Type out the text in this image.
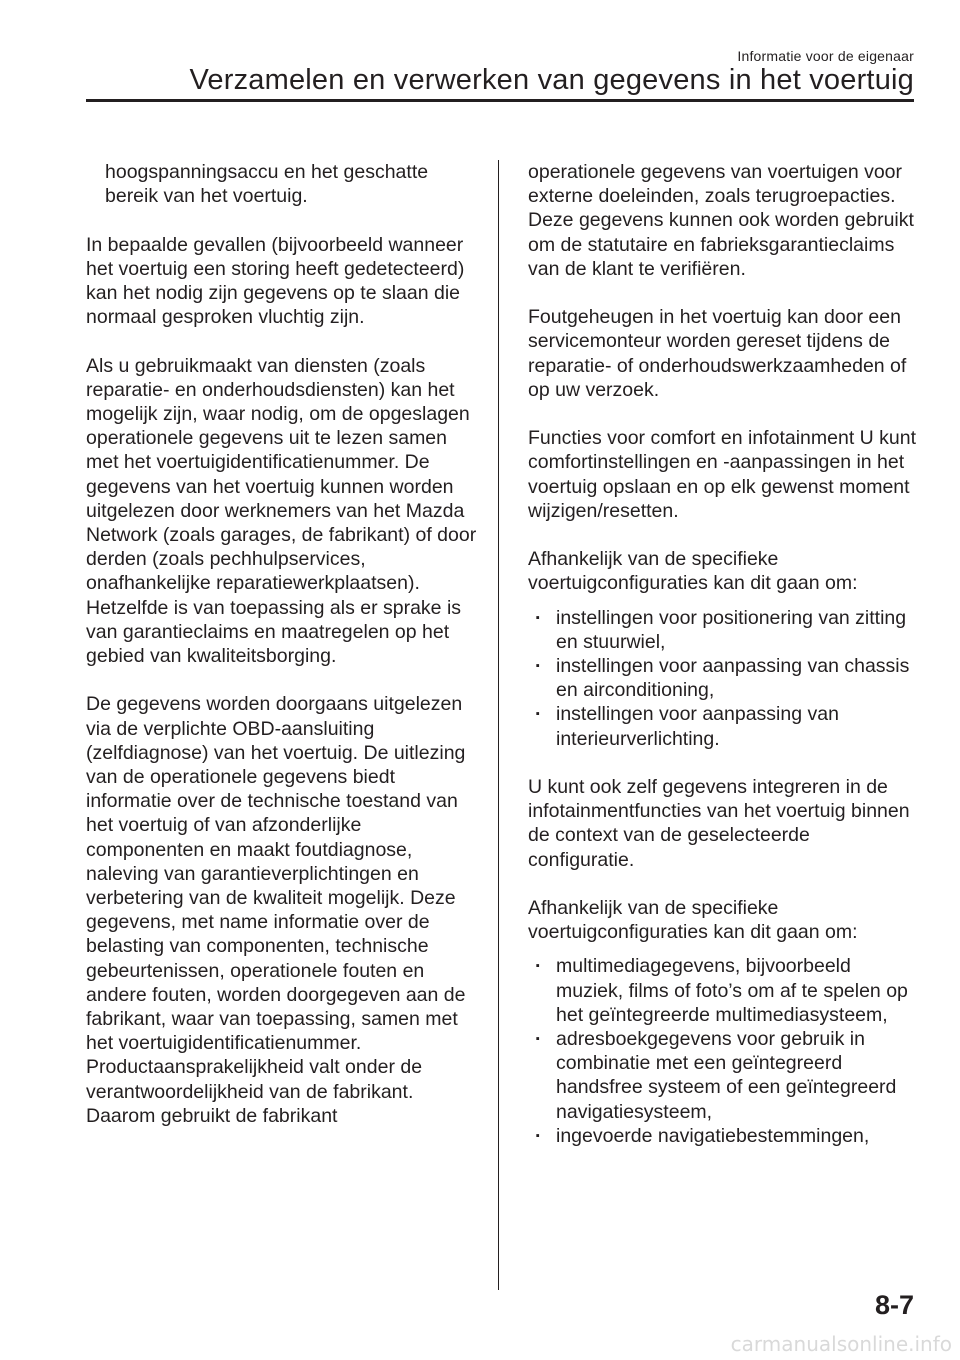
Informatie voor de eigenaar
Verzamelen en verwerken van gegevens in het voertuig

hoogspanningsaccu en het geschatte bereik van het voertuig.

In bepaalde gevallen (bijvoorbeeld wanneer het voertuig een storing heeft gedetecteerd) kan het nodig zijn gegevens op te slaan die normaal gesproken vluchtig zijn.

Als u gebruikmaakt van diensten (zoals reparatie- en onderhoudsdiensten) kan het mogelijk zijn, waar nodig, om de opgeslagen operationele gegevens uit te lezen samen met het voertuigidentificatienummer. De gegevens van het voertuig kunnen worden uitgelezen door werknemers van het Mazda Network (zoals garages, de fabrikant) of door derden (zoals pechhulpservices, onafhankelijke reparatiewerkplaatsen). Hetzelfde is van toepassing als er sprake is van garantieclaims en maatregelen op het gebied van kwaliteitsborging.

De gegevens worden doorgaans uitgelezen via de verplichte OBD‑aansluiting (zelfdiagnose) van het voertuig. De uitlezing van de operationele gegevens biedt informatie over de technische toestand van het voertuig of van afzonderlijke componenten en maakt foutdiagnose, naleving van garantieverplichtingen en verbetering van de kwaliteit mogelijk. Deze gegevens, met name informatie over de belasting van componenten, technische gebeurtenissen, operationele fouten en andere fouten, worden doorgegeven aan de fabrikant, waar van toepassing, samen met het voertuigidentificatienummer. Productaansprakelijkheid valt onder de verantwoordelijkheid van de fabrikant. Daarom gebruikt de fabrikant

operationele gegevens van voertuigen voor externe doeleinden, zoals terugroepacties. Deze gegevens kunnen ook worden gebruikt om de statutaire en fabrieksgarantieclaims van de klant te verifiëren.

Foutgeheugen in het voertuig kan door een servicemonteur worden gereset tijdens de reparatie- of onderhoudswerkzaamheden of op uw verzoek.

Functies voor comfort en infotainment U kunt comfortinstellingen en ‑aanpassingen in het voertuig opslaan en op elk gewenst moment wijzigen/resetten.

Afhankelijk van de specifieke voertuigconfiguraties kan dit gaan om:

· instellingen voor positionering van zitting en stuurwiel,
· instellingen voor aanpassing van chassis en airconditioning,
· instellingen voor aanpassing van interieurverlichting.

U kunt ook zelf gegevens integreren in de infotainmentfuncties van het voertuig binnen de context van de geselecteerde configuratie.

Afhankelijk van de specifieke voertuigconfiguraties kan dit gaan om:

· multimediagegevens, bijvoorbeeld muziek, films of foto’s om af te spelen op het geïntegreerde multimediasysteem,
· adresboekgegevens voor gebruik in combinatie met een geïntegreerd handsfree systeem of een geïntegreerd navigatiesysteem,
· ingevoerde navigatiebestemmingen,
8-7
carmanualsonline.info
